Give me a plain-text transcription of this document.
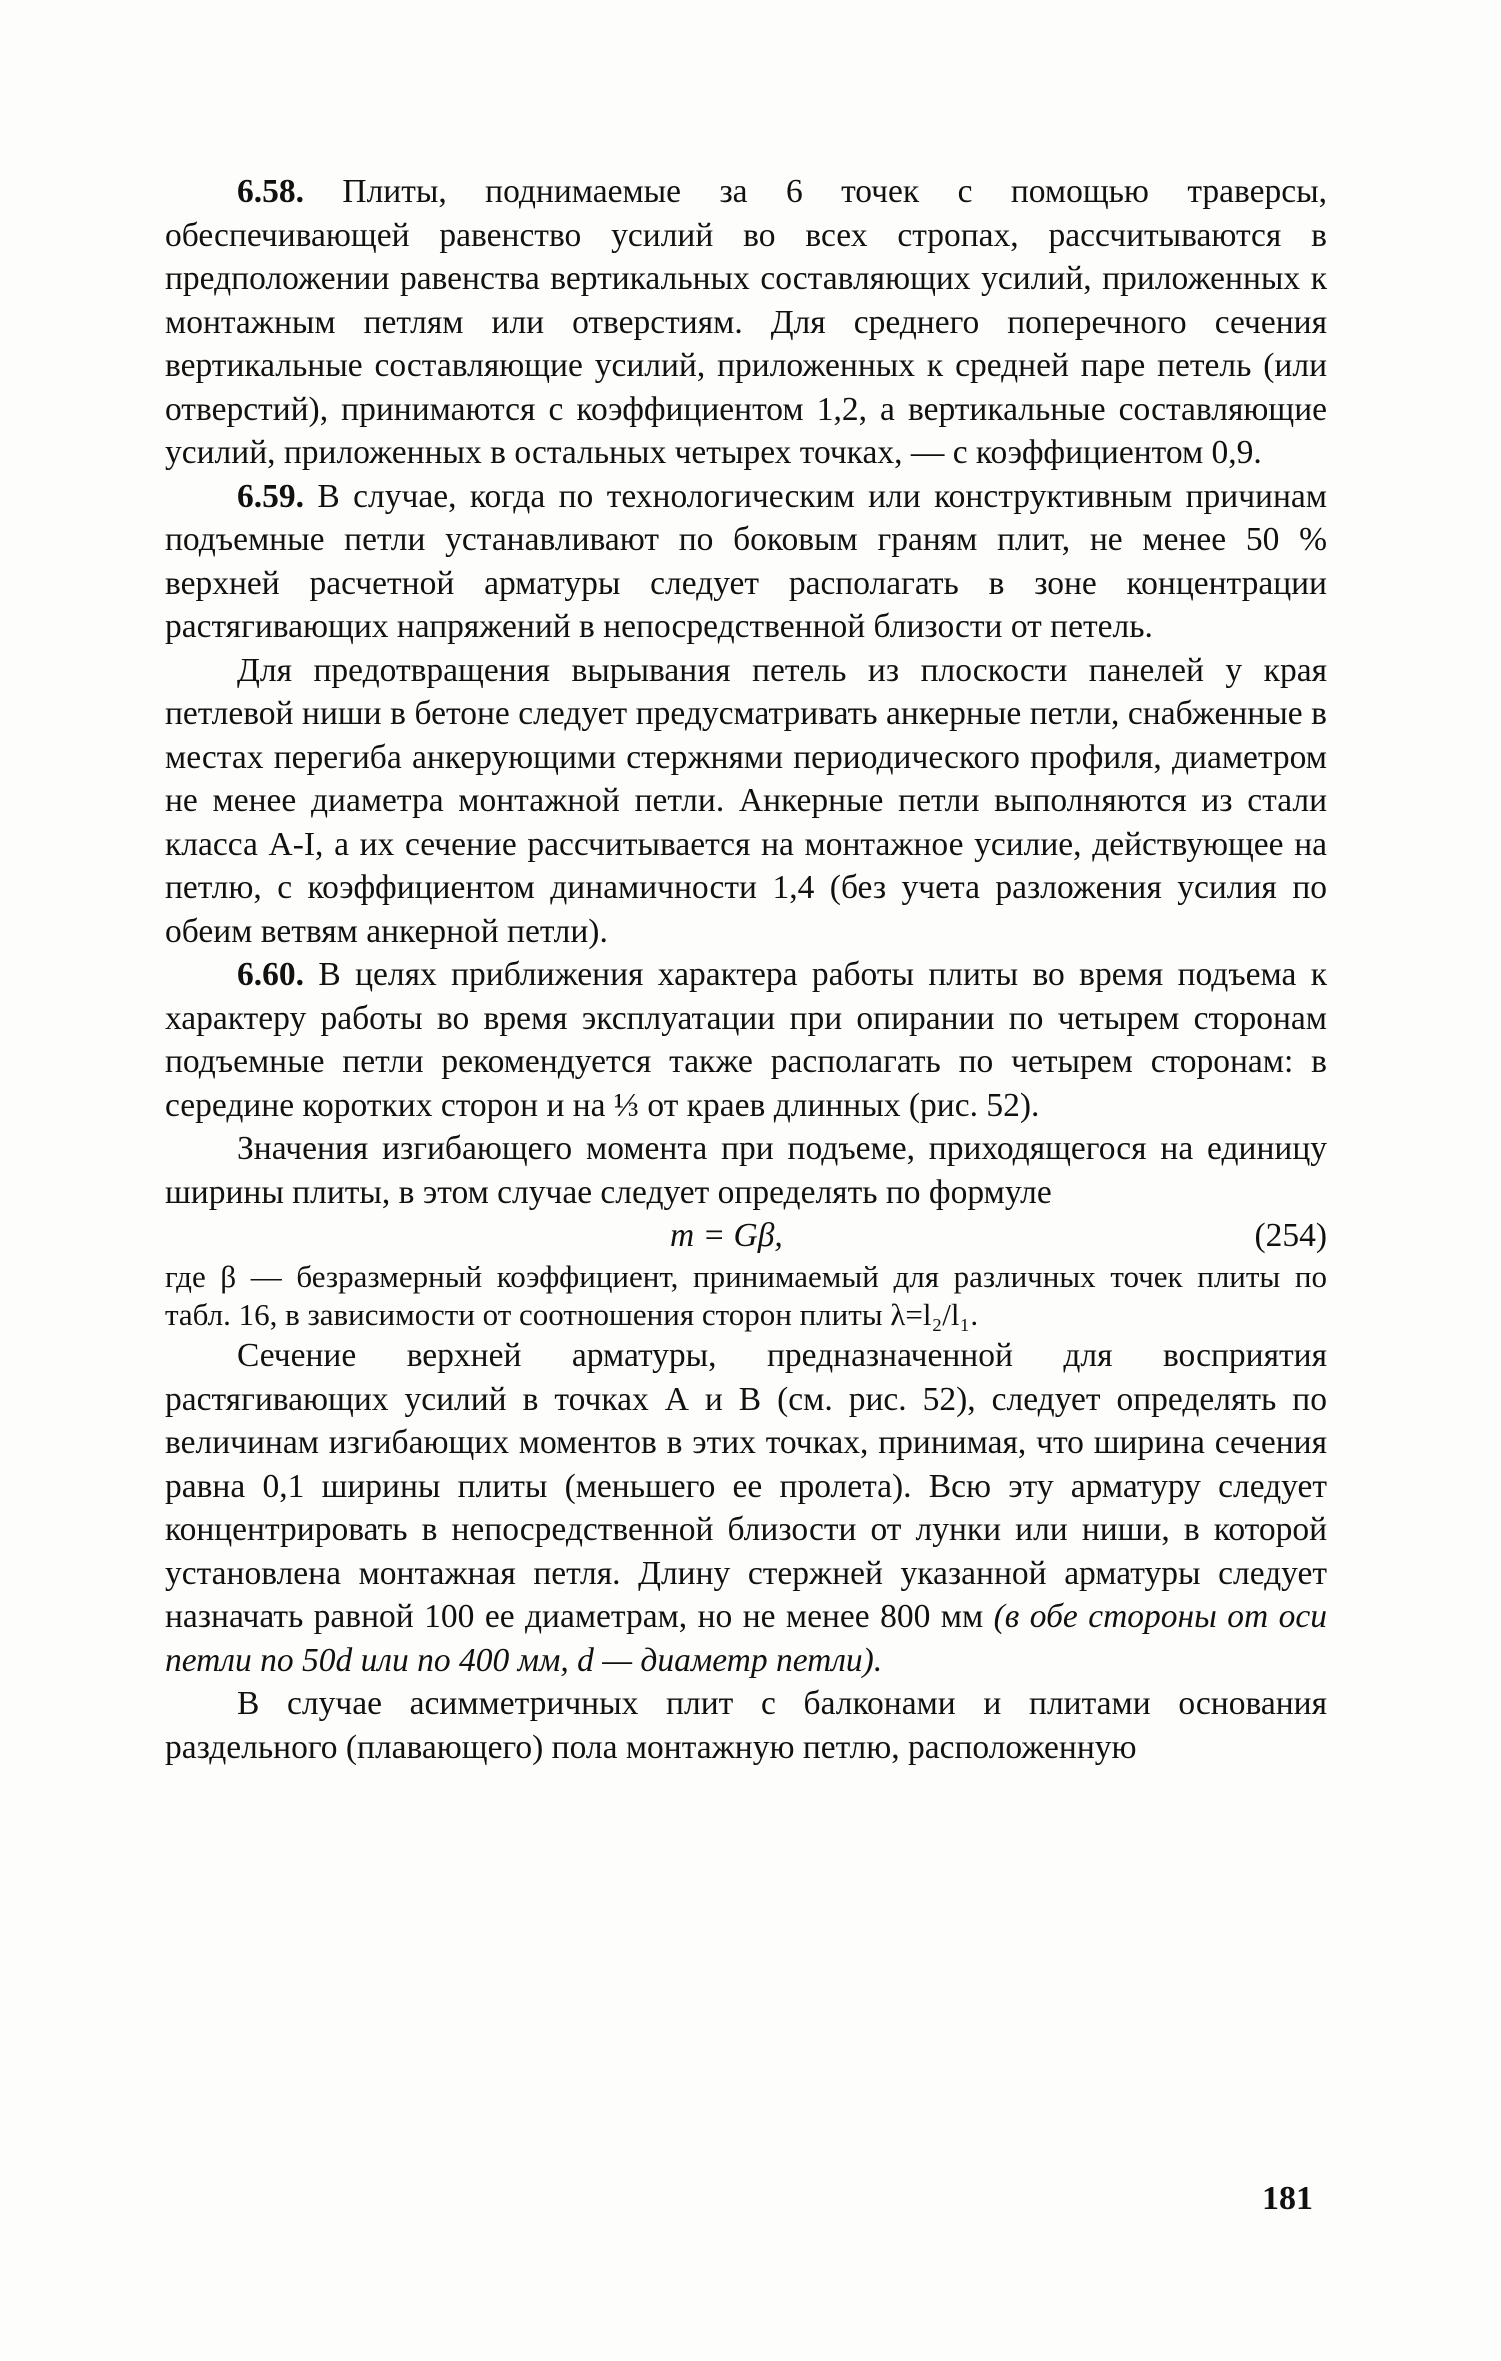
6.58. Плиты, поднимаемые за 6 точек с помощью траверсы, обеспечивающей равенство усилий во всех стропах, рассчитываются в предположении равенства вертикальных составляющих усилий, приложенных к монтажным петлям или отверстиям. Для среднего поперечного сечения вертикальные составляющие усилий, приложенных к средней паре петель (или отверстий), принимаются с коэффициентом 1,2, а вертикальные составляющие усилий, приложенных в остальных четырех точках, — с коэффициентом 0,9.

6.59. В случае, когда по технологическим или конструктивным причинам подъемные петли устанавливают по боковым граням плит, не менее 50 % верхней расчетной арматуры следует располагать в зоне концентрации растягивающих напряжений в непосредственной близости от петель.

Для предотвращения вырывания петель из плоскости панелей у края петлевой ниши в бетоне следует предусматривать анкерные петли, снабженные в местах перегиба анкерующими стержнями периодического профиля, диаметром не менее диаметра монтажной петли. Анкерные петли выполняются из стали класса А-I, а их сечение рассчитывается на монтажное усилие, действующее на петлю, с коэффициентом динамичности 1,4 (без учета разложения усилия по обеим ветвям анкерной петли).

6.60. В целях приближения характера работы плиты во время подъема к характеру работы во время эксплуатации при опирании по четырем сторонам подъемные петли рекомендуется также располагать по четырем сторонам: в середине коротких сторон и на ⅓ от краев длинных (рис. 52).

Значения изгибающего момента при подъеме, приходящегося на единицу ширины плиты, в этом случае следует определять по формуле

m = Gβ,	(254)

где β — безразмерный коэффициент, принимаемый для различных точек плиты по табл. 16, в зависимости от соотношения сторон плиты λ=l₂/l₁.

Сечение верхней арматуры, предназначенной для восприятия растягивающих усилий в точках А и В (см. рис. 52), следует определять по величинам изгибающих моментов в этих точках, принимая, что ширина сечения равна 0,1 ширины плиты (меньшего ее пролета). Всю эту арматуру следует концентрировать в непосредственной близости от лунки или ниши, в которой установлена монтажная петля. Длину стержней указанной арматуры следует назначать равной 100 ее диаметрам, но не менее 800 мм (в обе стороны от оси петли по 50d или по 400 мм, d — диаметр петли).

В случае асимметричных плит с балконами и плитами основания раздельного (плавающего) пола монтажную петлю, расположенную

181
